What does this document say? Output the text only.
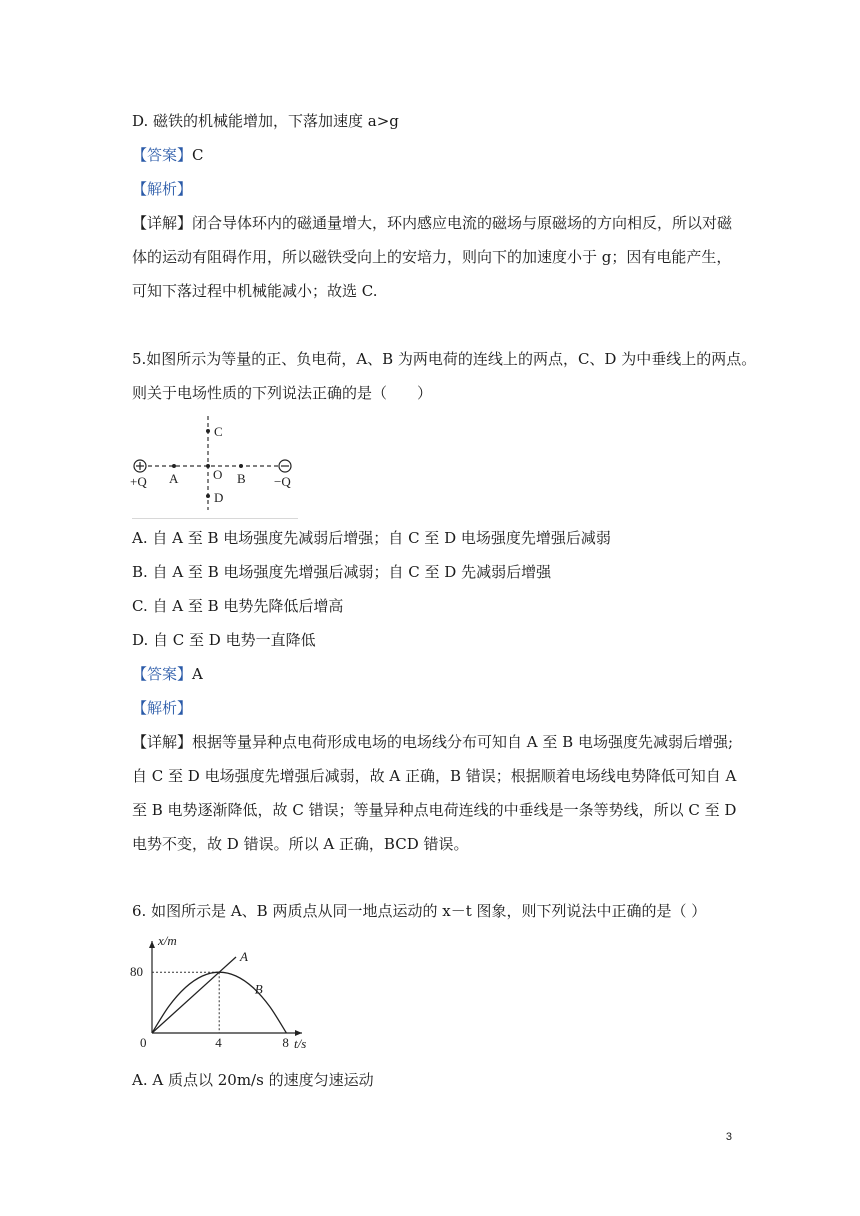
D. 磁铁的机械能增加，下落加速度 a>g
【答案】C
【解析】
【详解】闭合导体环内的磁通量增大，环内感应电流的磁场与原磁场的方向相反，所以对磁
体的运动有阻碍作用，所以磁铁受向上的安培力，则向下的加速度小于 g；因有电能产生，
可知下落过程中机械能减小；故选 C.
5.如图所示为等量的正、负电荷，A、B 为两电荷的连线上的两点，C、D 为中垂线上的两点。
则关于电场性质的下列说法正确的是（　　）
+Q	−Q
A	B
C
D
O
A. 自 A 至 B 电场强度先减弱后增强；自 C 至 D 电场强度先增强后减弱
B. 自 A 至 B 电场强度先增强后减弱；自 C 至 D 先减弱后增强
C. 自 A 至 B 电势先降低后增高
D. 自 C 至 D 电势一直降低
【答案】A
【解析】
【详解】根据等量异种点电荷形成电场的电场线分布可知自 A 至 B 电场强度先减弱后增强;
自 C 至 D 电场强度先增强后减弱，故 A 正确，B 错误；根据顺着电场线电势降低可知自 A
至 B 电势逐渐降低，故 C 错误；等量异种点电荷连线的中垂线是一条等势线，所以 C 至 D
电势不变，故 D 错误。所以 A 正确，BCD 错误。
6. 如图所示是 A、B 两质点从同一地点运动的 x－t 图象，则下列说法中正确的是（ ）
A
B
0	4	8
80
x/m
t/s
A. A 质点以 20m/s 的速度匀速运动
3
